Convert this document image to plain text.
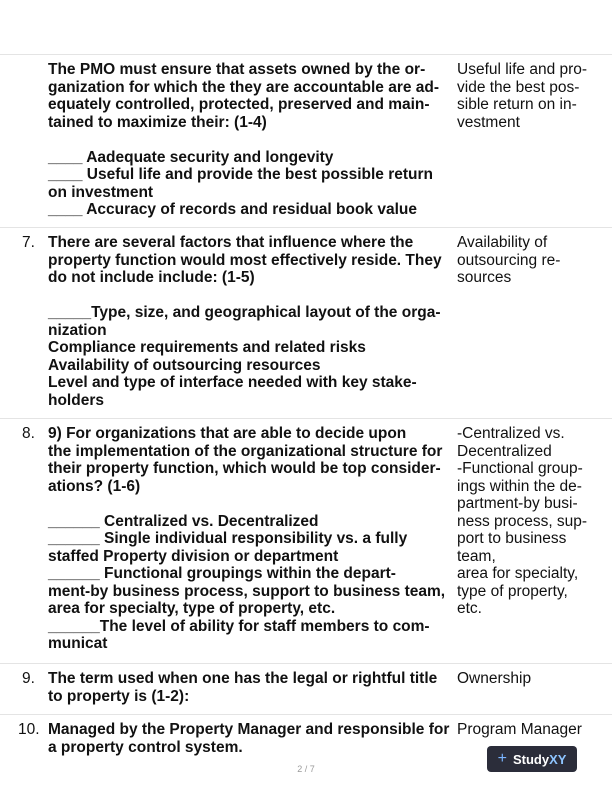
The PMO must ensure that assets owned by the or-

ganization for which the they are accountable are ad-

equately controlled, protected, preserved and main-

tained to maximize their: (1-4)

____ Aadequate security and longevity

____ Useful life and provide the best possible return

on investment

____ Accuracy of records and residual book value

Useful life and pro-

vide the best pos-

sible return on in-

vestment

7. There are several factors that influence where the

property function would most effectively reside. They

do not include include: (1-5)

_____Type, size, and geographical layout of the orga-

nization

Compliance requirements and related risks

Availability of outsourcing resources

Level and type of interface needed with key stake-

holders

Availability of

outsourcing re-

sources

8. 9) For organizations that are able to decide upon

the implementation of the organizational structure for

their property function, which would be top consider-

ations? (1-6)

______ Centralized vs. Decentralized

______ Single individual responsibility vs. a fully

staffed Property division or department

______ Functional groupings within the depart-

ment-by business process, support to business team,

area for specialty, type of property, etc.

______The level of ability for staff members to com-

municat

-Centralized vs.

Decentralized

-Functional group-

ings within the de-

partment-by busi-

ness process, sup-

port to business

team,

area for specialty,

type of property,

etc.

9. The term used when one has the legal or rightful title

to property is (1-2):

Ownership

10. Managed by the Property Manager and responsible for

a property control system.

Program Manager

2 / 7
+ Study XY
